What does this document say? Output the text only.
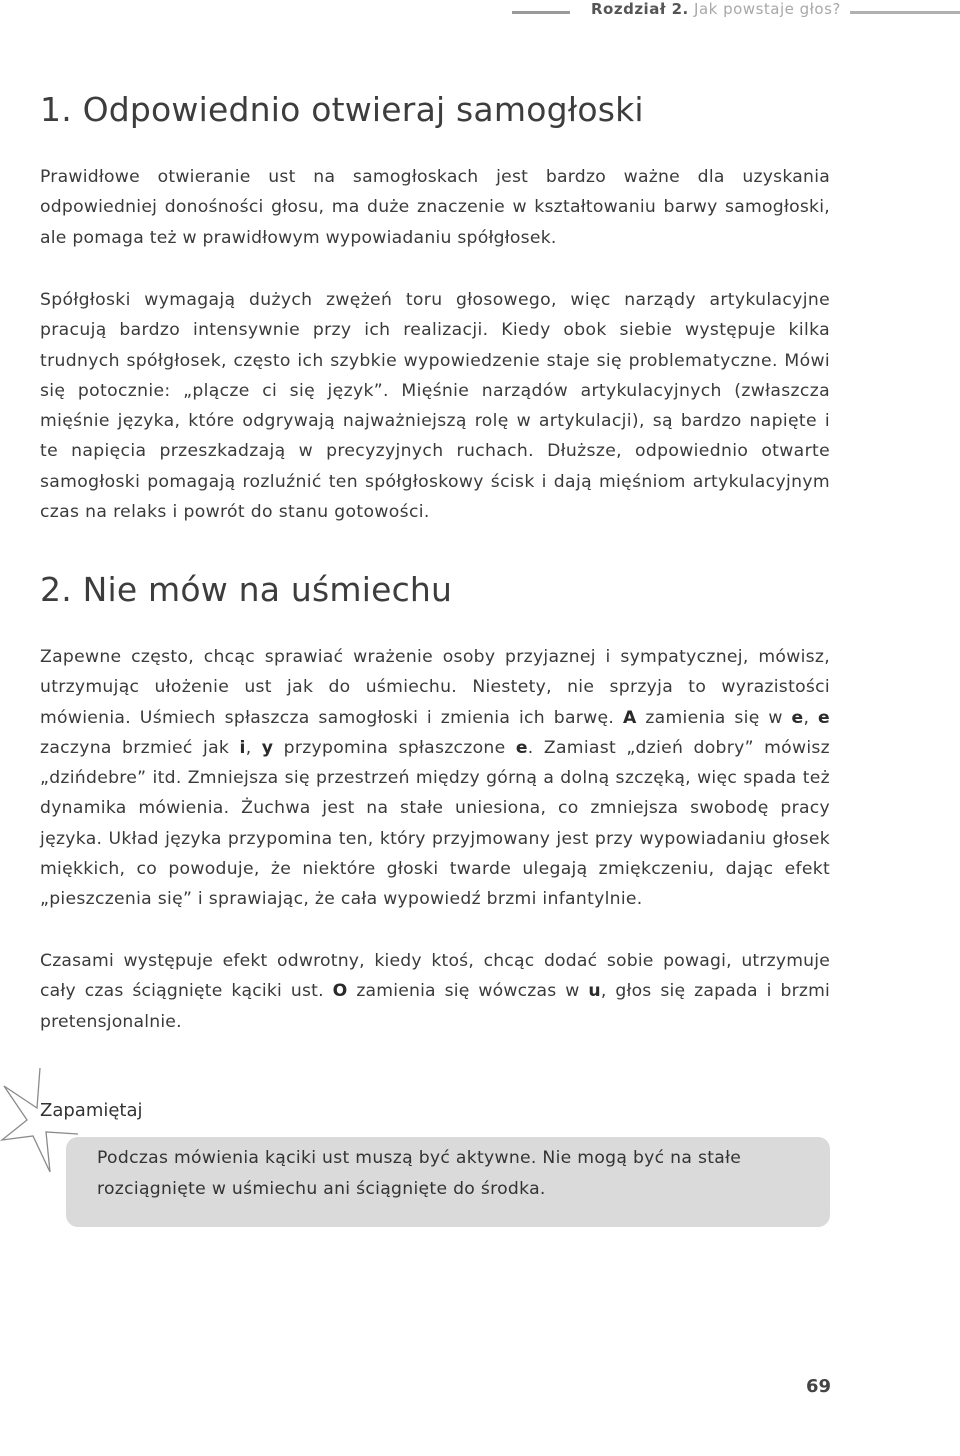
Rozdział 2. Jak powstaje głos?
1. Odpowiednio otwieraj samogłoski

Prawidłowe otwieranie ust na samogłoskach jest bardzo ważne dla uzyskania odpowiedniej donośności głosu, ma duże znaczenie w kształtowaniu barwy samogłoski, ale pomaga też w prawidłowym wypowiadaniu spółgłosek.

Spółgłoski wymagają dużych zwężeń toru głosowego, więc narządy artykulacyjne pracują bardzo intensywnie przy ich realizacji. Kiedy obok siebie występuje kilka trudnych spółgłosek, często ich szybkie wypowiedzenie staje się problematyczne. Mówi się potocznie: „plącze ci się język”. Mięśnie narządów artykulacyjnych (zwłaszcza mięśnie języka, które odgrywają najważniejszą rolę w artykulacji), są bardzo napięte i te napięcia przeszkadzają w precyzyjnych ruchach. Dłuższe, odpowiednio otwarte samogłoski pomagają rozluźnić ten spółgłoskowy ścisk i dają mięśniom artykulacyjnym czas na relaks i powrót do stanu gotowości.

2. Nie mów na uśmiechu

Zapewne często, chcąc sprawiać wrażenie osoby przyjaznej i sympatycznej, mówisz, utrzymując ułożenie ust jak do uśmiechu. Niestety, nie sprzyja to wyrazistości mówienia. Uśmiech spłaszcza samogłoski i zmienia ich barwę. A zamienia się w e, e zaczyna brzmieć jak i, y przypomina spłaszczone e. Zamiast „dzień dobry” mówisz „dzińdebre” itd. Zmniejsza się przestrzeń między górną a dolną szczęką, więc spada też dynamika mówienia. Żuchwa jest na stałe uniesiona, co zmniejsza swobodę pracy języka. Układ języka przypomina ten, który przyjmowany jest przy wypowiadaniu głosek miękkich, co powoduje, że niektóre głoski twarde ulegają zmiękczeniu, dając efekt „pieszczenia się” i sprawiając, że cała wypowiedź brzmi infantylnie.

Czasami występuje efekt odwrotny, kiedy ktoś, chcąc dodać sobie powagi, utrzymuje cały czas ściągnięte kąciki ust. O zamienia się wówczas w u, głos się zapada i brzmi pretensjonalnie.

Zapamiętaj

Podczas mówienia kąciki ust muszą być aktywne. Nie mogą być na stałe rozciągnięte w uśmiechu ani ściągnięte do środka.

69
